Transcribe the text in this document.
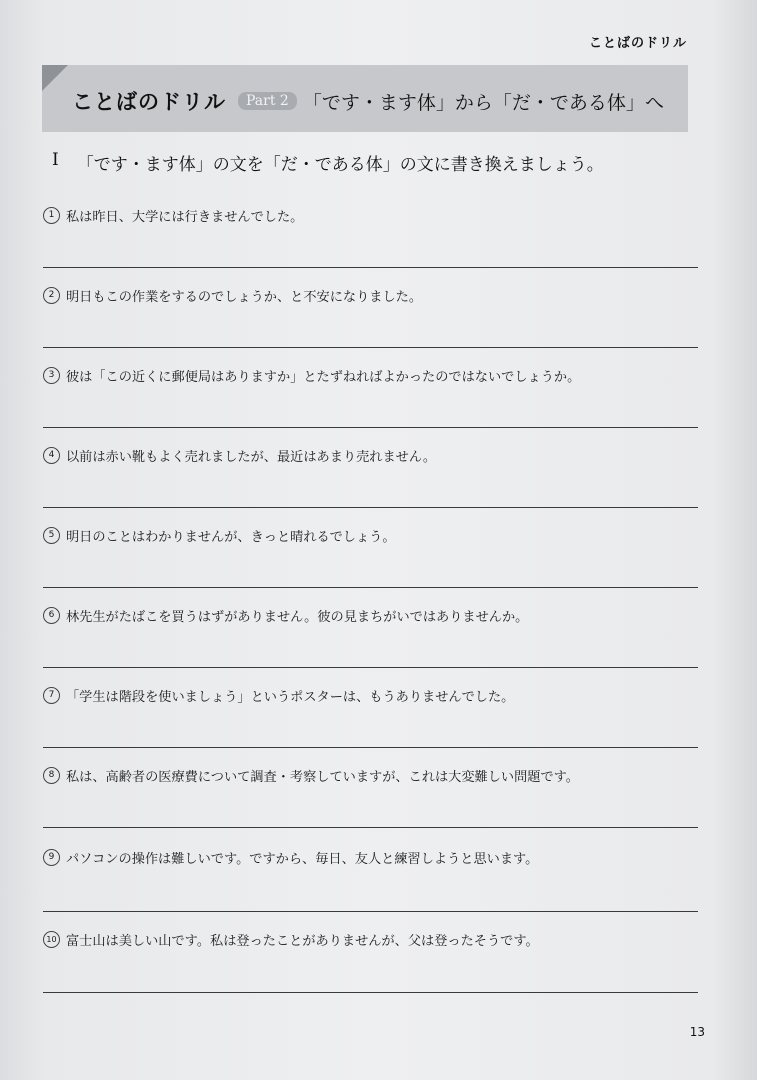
ことばのドリル
ことばのドリル	Part 2 「です・ます体」から「だ・である体」へ
I 「です・ます体」の文を「だ・である体」の文に書き換えましょう。
1 私は昨日、大学には行きませんでした。
2 明日もこの作業をするのでしょうか、と不安になりました。
3 彼は「この近くに郵便局はありますか」とたずねればよかったのではないでしょうか。
4 以前は赤い靴もよく売れましたが、最近はあまり売れません。
5 明日のことはわかりませんが、きっと晴れるでしょう。
6 林先生がたばこを買うはずがありません。彼の見まちがいではありませんか。
7 「学生は階段を使いましょう」というポスターは、もうありませんでした。
8 私は、高齢者の医療費について調査・考察していますが、これは大変難しい問題です。
9 パソコンの操作は難しいです。ですから、毎日、友人と練習しようと思います。
10 富士山は美しい山です。私は登ったことがありませんが、父は登ったそうです。
13
